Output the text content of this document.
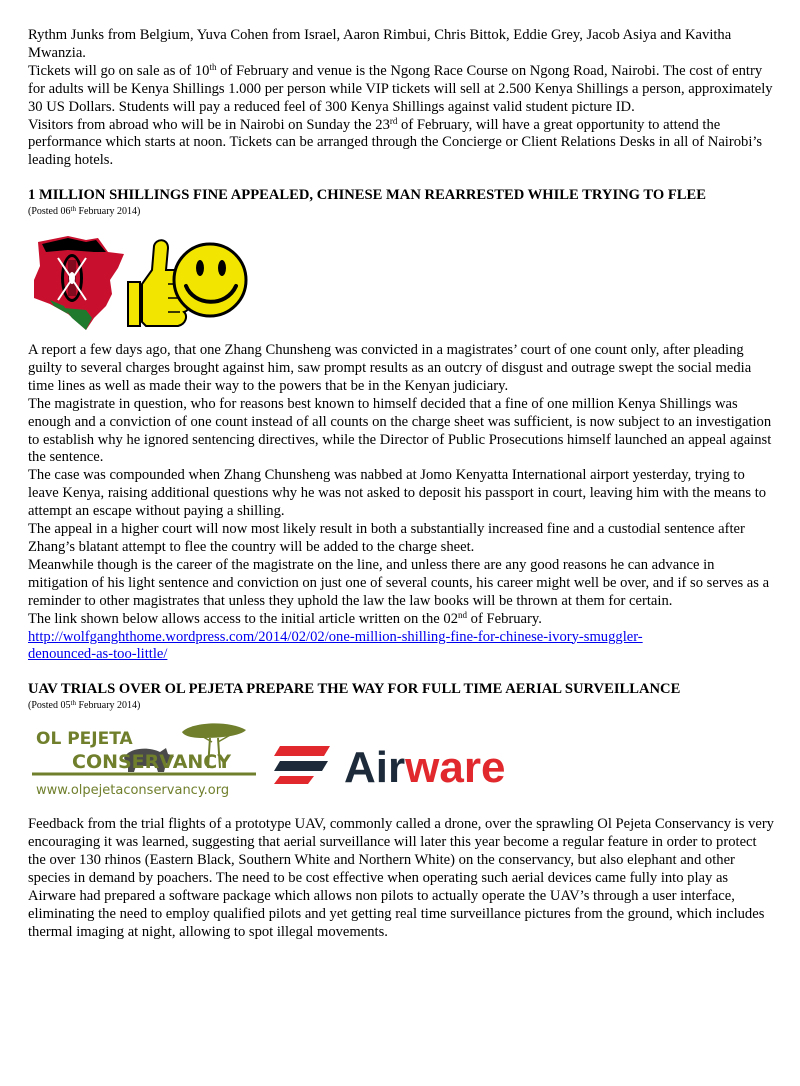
Rythm Junks from Belgium, Yuva Cohen from Israel, Aaron Rimbui, Chris Bittok, Eddie Grey, Jacob Asiya and Kavitha Mwanzia.

Tickets will go on sale as of 10th of February and venue is the Ngong Race Course on Ngong Road, Nairobi. The cost of entry for adults will be Kenya Shillings 1.000 per person while VIP tickets will sell at 2.500 Kenya Shillings a person, approximately 30 US Dollars. Students will pay a reduced feel of 300 Kenya Shillings against valid student picture ID.

Visitors from abroad who will be in Nairobi on Sunday the 23rd of February, will have a great opportunity to attend the performance which starts at noon. Tickets can be arranged through the Concierge or Client Relations Desks in all of Nairobi’s leading hotels.

1 MILLION SHILLINGS FINE APPEALED, CHINESE MAN REARRESTED WHILE TRYING TO FLEE

(Posted 06th February 2014)

A report a few days ago, that one Zhang Chunsheng was convicted in a magistrates’ court of one count only, after pleading guilty to several charges brought against him, saw prompt results as an outcry of disgust and outrage swept the social media time lines as well as made their way to the powers that be in the Kenyan judiciary.

The magistrate in question, who for reasons best known to himself decided that a fine of one million Kenya Shillings was enough and a conviction of one count instead of all counts on the charge sheet was sufficient, is now subject to an investigation to establish why he ignored sentencing directives, while the Director of Public Prosecutions himself launched an appeal against the sentence.

The case was compounded when Zhang Chunsheng was nabbed at Jomo Kenyatta International airport yesterday, trying to leave Kenya, raising additional questions why he was not asked to deposit his passport in court, leaving him with the means to attempt an escape without paying a shilling.

The appeal in a higher court will now most likely result in both a substantially increased fine and a custodial sentence after Zhang’s blatant attempt to flee the country will be added to the charge sheet.

Meanwhile though is the career of the magistrate on the line, and unless there are any good reasons he can advance in mitigation of his light sentence and conviction on just one of several counts, his career might well be over, and if so serves as a reminder to other magistrates that unless they uphold the law the law books will be thrown at them for certain.

The link shown below allows access to the initial article written on the 02nd of February.

http://wolfganghthome.wordpress.com/2014/02/02/one-million-shilling-fine-for-chinese-ivory-smuggler-
denounced-as-too-little/

UAV TRIALS OVER OL PEJETA PREPARE THE WAY FOR FULL TIME AERIAL SURVEILLANCE

(Posted 05th February 2014)

OL PEJETA
CONSERVANCY
www.olpejetaconservancy.org	Airware

Feedback from the trial flights of a prototype UAV, commonly called a drone, over the sprawling Ol Pejeta Conservancy is very encouraging it was learned, suggesting that aerial surveillance will later this year become a regular feature in order to protect the over 130 rhinos (Eastern Black, Southern White and Northern White) on the conservancy, but also elephant and other species in demand by poachers. The need to be cost effective when operating such aerial devices came fully into play as Airware had prepared a software package which allows non pilots to actually operate the UAV’s through a user interface, eliminating the need to employ qualified pilots and yet getting real time surveillance pictures from the ground, which includes thermal imaging at night, allowing to spot illegal movements.
